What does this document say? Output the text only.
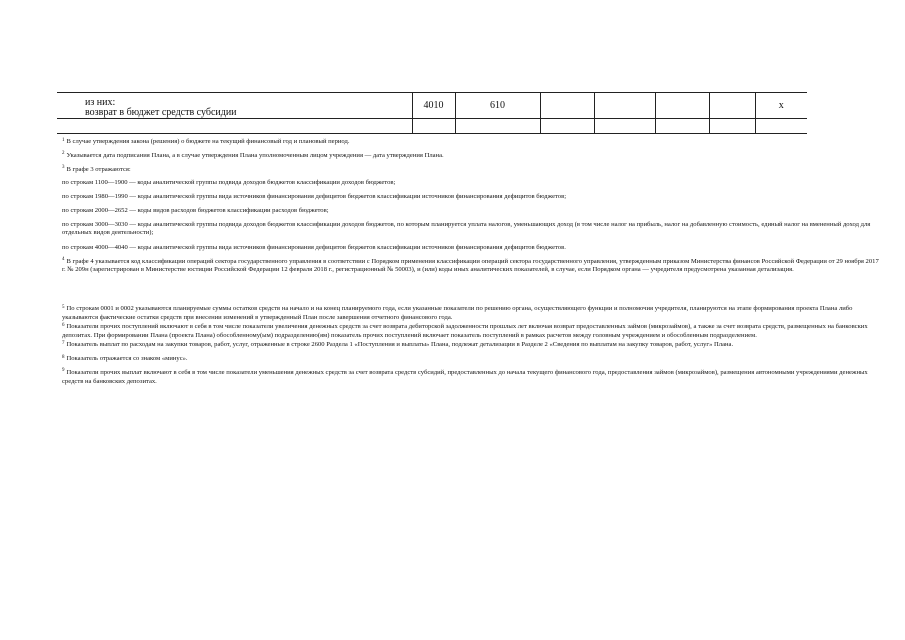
из них:
возврат в бюджет средств субсидии	4010	610					x

$^1$ В случае утверждения закона (решения) о бюджете на текущий финансовый год и плановый период.

$^2$ Указывается дата подписания Плана, а в случае утверждения Плана уполномоченным лицом учреждения — дата утверждения Плана.

$^3$ В графе 3 отражаются:

по строкам 1100—1900 — коды аналитической группы подвида доходов бюджетов классификации доходов бюджетов;

по строкам 1980—1990 — коды аналитической группы вида источников финансирования дефицитов бюджетов классификации источников финансирования дефицитов бюджетов;

по строкам 2000—2652 — коды видов расходов бюджетов классификации расходов бюджетов;

по строкам 3000—3030 — коды аналитической группы подвида доходов бюджетов классификации доходов бюджетов, по которым планируется уплата налогов, уменьшающих доход (в том числе налог на прибыль, налог на добавленную стоимость, единый налог на вмененный доход для отдельных видов деятельности);

по строкам 4000—4040 — коды аналитической группы вида источников финансирования дефицитов бюджетов классификации источников финансирования дефицитов бюджетов.

$^4$ В графе 4 указывается код классификации операций сектора государственного управления в соответствии с Порядком применения классификации операций сектора государственного управления, утвержденным приказом Министерства финансов Российской Федерации от 29 ноября 2017 г. № 209н (зарегистрирован в Министерстве юстиции Российской Федерации 12 февраля 2018 г., регистрационный № 50003), и (или) коды иных аналитических показателей, в случае, если Порядком органа — учредителя предусмотрена указанная детализация.

$^5$ По строкам 0001 и 0002 указываются планируемые суммы остатков средств на начало и на конец планируемого года, если указанные показатели по решению органа, осуществляющего функции и полномочия учредителя, планируются на этапе формирования проекта Плана либо указываются фактические остатки средств при внесении изменений в утвержденный План после завершения отчетного финансового года.

$^6$ Показатели прочих поступлений включают в себя в том числе показатели увеличения денежных средств за счет возврата дебиторской задолженности прошлых лет включая возврат предоставленных займов (микрозаймов), а также за счет возврата средств, размещенных на банковских депозитах. При формировании Плана (проекта Плана) обособленному(ым) подразделению(ям) показатель прочих поступлений включает показатель поступлений в рамках расчетов между головным учреждением и обособленным подразделением.

$^7$ Показатель выплат по расходам на закупки товаров, работ, услуг, отраженные в строке 2600 Раздела 1 «Поступления и выплаты» Плана, подлежат детализации в Разделе 2 «Сведения по выплатам на закупку товаров, работ, услуг» Плана.

$^8$ Показатель отражается со знаком «минус».

$^9$ Показатели прочих выплат включают в себя в том числе показатели уменьшения денежных средств за счет возврата средств субсидий, предоставленных до начала текущего финансового года, предоставления займов (микрозаймов), размещения автономными учреждениями денежных средств на банковских депозитах.
